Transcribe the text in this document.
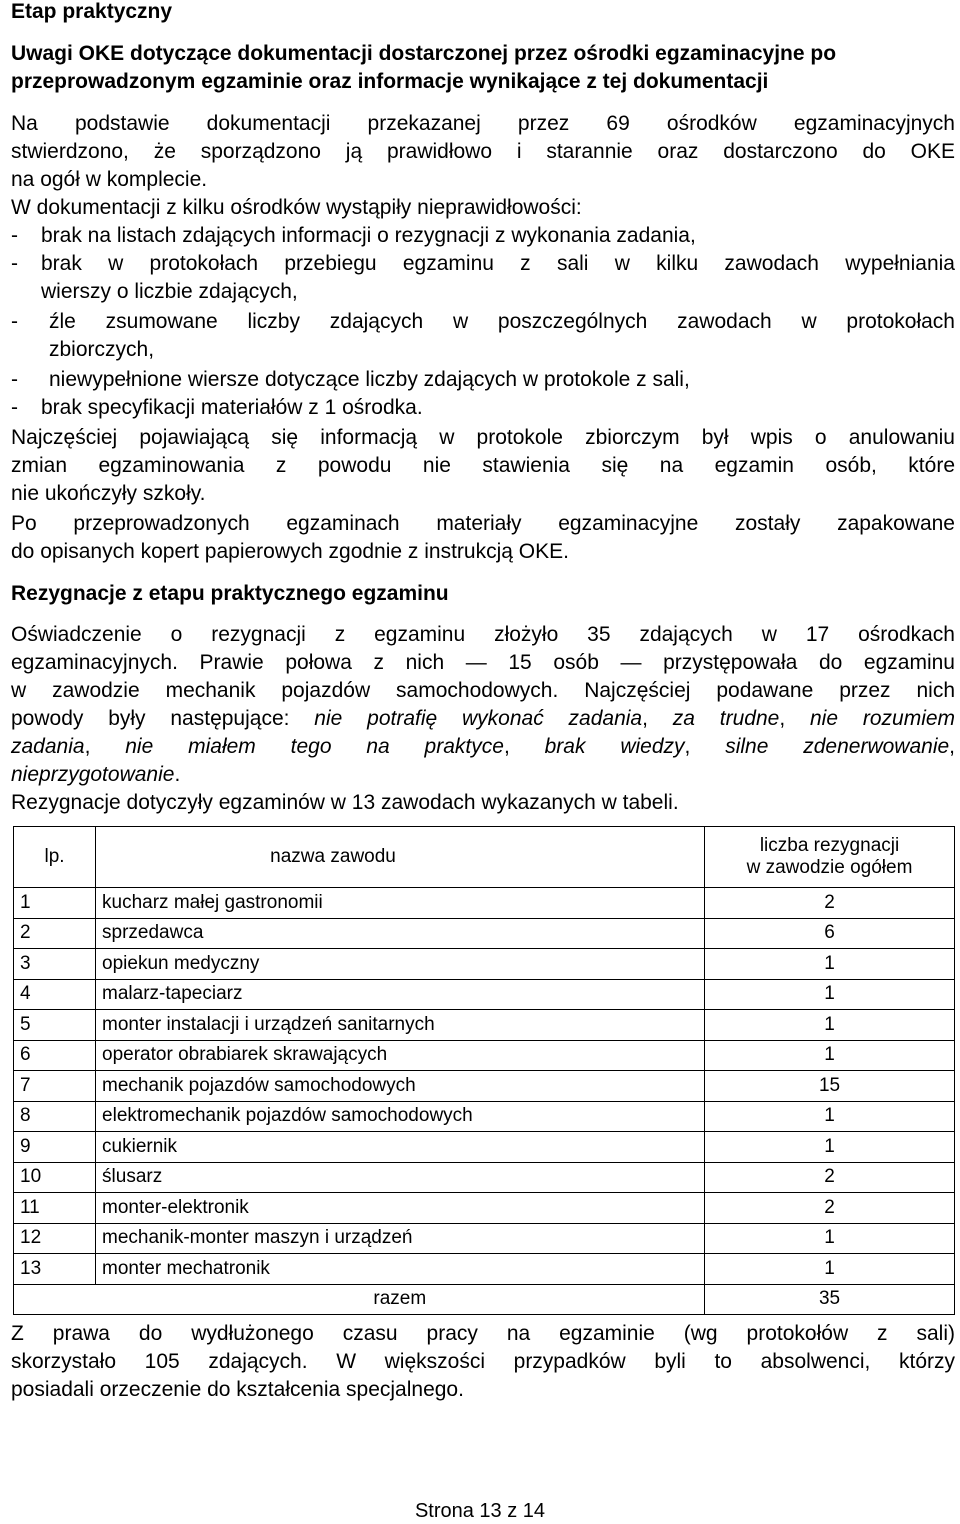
Etap praktyczny
Uwagi OKE dotyczące dokumentacji dostarczonej przez ośrodki egzaminacyjne po przeprowadzonym egzaminie oraz informacje wynikające z tej dokumentacji
Na podstawie dokumentacji przekazanej przez 69 ośrodków egzaminacyjnych
stwierdzono, że sporządzono ją prawidłowo i starannie oraz dostarczono do OKE
na ogół w komplecie.
W dokumentacji z kilku ośrodków wystąpiły nieprawidłowości:
- brak na listach zdających informacji o rezygnacji z wykonania zadania,
- brak w protokołach przebiegu egzaminu z sali w kilku zawodach wypełniania
wierszy o liczbie zdających,
- źle zsumowane liczby zdających w poszczególnych zawodach w protokołach
zbiorczych,
- niewypełnione wiersze dotyczące liczby zdających w protokole z sali,
- brak specyfikacji materiałów z 1 ośrodka.
Najczęściej pojawiającą się informacją w protokole zbiorczym był wpis o anulowaniu
zmian egzaminowania z powodu nie stawienia się na egzamin osób, które
nie ukończyły szkoły.
Po przeprowadzonych egzaminach materiały egzaminacyjne zostały zapakowane
do opisanych kopert papierowych zgodnie z instrukcją OKE.
Rezygnacje z etapu praktycznego egzaminu
Oświadczenie o rezygnacji z egzaminu złożyło 35 zdających w 17 ośrodkach
egzaminacyjnych. Prawie połowa z nich — 15 osób — przystępowała do egzaminu
w zawodzie mechanik pojazdów samochodowych. Najczęściej podawane przez nich
powody były następujące: nie potrafię wykonać zadania, za trudne, nie rozumiem
zadania, nie miałem tego na praktyce, brak wiedzy, silne zdenerwowanie,
nieprzygotowanie.
Rezygnacje dotyczyły egzaminów w 13 zawodach wykazanych w tabeli.
lp.	nazwa zawodu	liczba rezygnacji
w zawodzie ogółem

1	kucharz małej gastronomii	2
2	sprzedawca	6
3	opiekun medyczny	1
4	malarz-tapeciarz	1
5	monter instalacji i urządzeń sanitarnych	1
6	operator obrabiarek skrawających	1
7	mechanik pojazdów samochodowych	15
8	elektromechanik pojazdów samochodowych	1
9	cukiernik	1
10	ślusarz	2
11	monter-elektronik	2
12	mechanik-monter maszyn i urządzeń	1
13	monter mechatronik	1
	razem	35
Z prawa do wydłużonego czasu pracy na egzaminie (wg protokołów z sali)
skorzystało 105 zdających. W większości przypadków byli to absolwenci, którzy
posiadali orzeczenie do kształcenia specjalnego.
Strona 13 z 14
